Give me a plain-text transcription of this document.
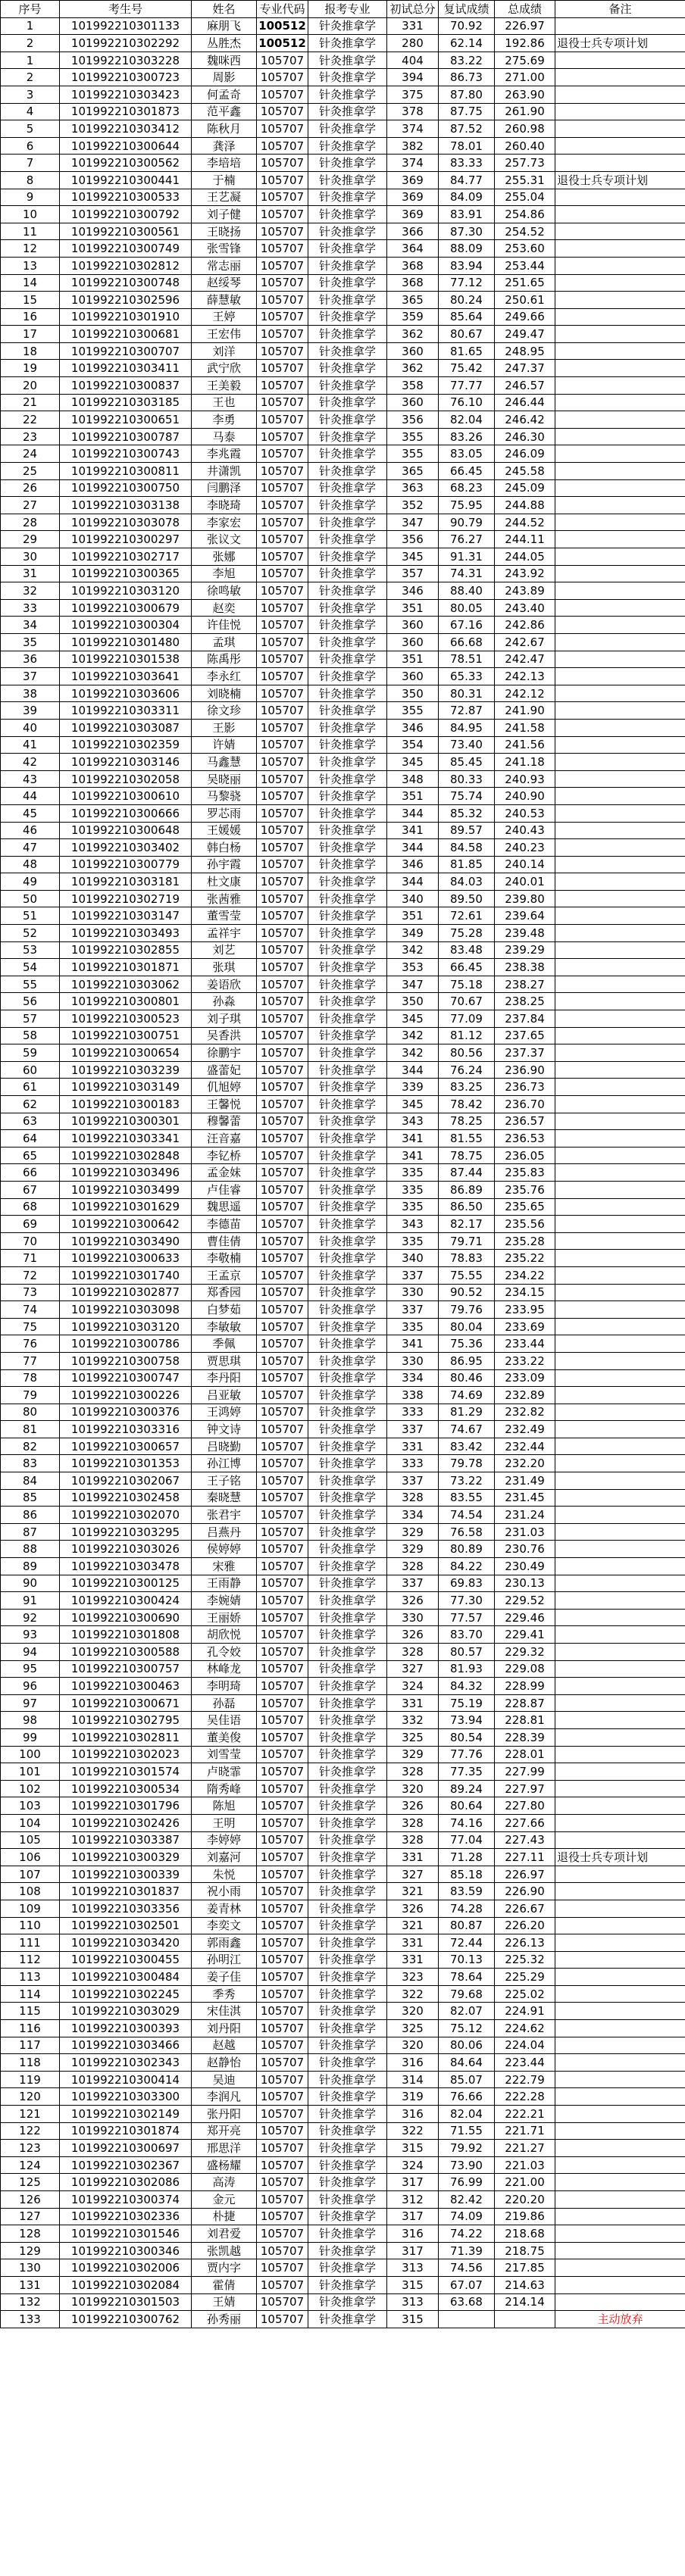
序号	考生号	姓名	专业代码	报考专业	初试总分	复试成绩	总成绩	备注
1	101992210301133	麻朋飞	100512	针灸推拿学	331	70.92	226.97	
2	101992210302292	丛胜杰	100512	针灸推拿学	280	62.14	192.86	退役士兵专项计划
1	101992210303228	魏咪西	105707	针灸推拿学	404	83.22	275.69	
2	101992210300723	周影	105707	针灸推拿学	394	86.73	271.00	
3	101992210303423	何孟奇	105707	针灸推拿学	375	87.80	263.90	
4	101992210301873	范平鑫	105707	针灸推拿学	378	87.75	261.90	
5	101992210303412	陈秋月	105707	针灸推拿学	374	87.52	260.98	
6	101992210300644	龚泽	105707	针灸推拿学	382	78.01	260.40	
7	101992210300562	李培培	105707	针灸推拿学	374	83.33	257.73	
8	101992210300441	于楠	105707	针灸推拿学	369	84.77	255.31	退役士兵专项计划
9	101992210300533	王艺凝	105707	针灸推拿学	369	84.09	255.04	
10	101992210300792	刘子健	105707	针灸推拿学	369	83.91	254.86	
11	101992210300561	王晓扬	105707	针灸推拿学	366	87.30	254.52	
12	101992210300749	张雪锋	105707	针灸推拿学	364	88.09	253.60	
13	101992210302812	常志丽	105707	针灸推拿学	368	83.94	253.44	
14	101992210300748	赵绥琴	105707	针灸推拿学	368	77.12	251.65	
15	101992210302596	薛慧敏	105707	针灸推拿学	365	80.24	250.61	
16	101992210301910	王婷	105707	针灸推拿学	359	85.64	249.66	
17	101992210300681	王宏伟	105707	针灸推拿学	362	80.67	249.47	
18	101992210300707	刘洋	105707	针灸推拿学	360	81.65	248.95	
19	101992210303411	武宁欣	105707	针灸推拿学	362	75.42	247.37	
20	101992210300837	王美毅	105707	针灸推拿学	358	77.77	246.57	
21	101992210303185	王也	105707	针灸推拿学	360	76.10	246.44	
22	101992210300651	李勇	105707	针灸推拿学	356	82.04	246.42	
23	101992210300787	马泰	105707	针灸推拿学	355	83.26	246.30	
24	101992210300743	李兆霞	105707	针灸推拿学	355	83.05	246.09	
25	101992210300811	井潇凯	105707	针灸推拿学	365	66.45	245.58	
26	101992210300750	闫鹏泽	105707	针灸推拿学	363	68.23	245.09	
27	101992210303138	李晓琦	105707	针灸推拿学	352	75.95	244.88	
28	101992210303078	李家宏	105707	针灸推拿学	347	90.79	244.52	
29	101992210300297	张议文	105707	针灸推拿学	356	76.27	244.11	
30	101992210302717	张娜	105707	针灸推拿学	345	91.31	244.05	
31	101992210300365	李旭	105707	针灸推拿学	357	74.31	243.92	
32	101992210303120	徐鸣敏	105707	针灸推拿学	346	88.40	243.89	
33	101992210300679	赵奕	105707	针灸推拿学	351	80.05	243.40	
34	101992210300304	许佳悦	105707	针灸推拿学	360	67.16	242.86	
35	101992210301480	孟琪	105707	针灸推拿学	360	66.68	242.67	
36	101992210301538	陈禹彤	105707	针灸推拿学	351	78.51	242.47	
37	101992210303641	李永红	105707	针灸推拿学	360	65.33	242.13	
38	101992210303606	刘晓楠	105707	针灸推拿学	350	80.31	242.12	
39	101992210303311	徐文珍	105707	针灸推拿学	355	72.87	241.90	
40	101992210303087	王影	105707	针灸推拿学	346	84.95	241.58	
41	101992210302359	许婧	105707	针灸推拿学	354	73.40	241.56	
42	101992210303146	马鑫慧	105707	针灸推拿学	345	85.45	241.18	
43	101992210302058	吴晓丽	105707	针灸推拿学	348	80.33	240.93	
44	101992210300610	马黎骁	105707	针灸推拿学	351	75.74	240.90	
45	101992210300666	罗芯雨	105707	针灸推拿学	344	85.32	240.53	
46	101992210300648	王媛媛	105707	针灸推拿学	341	89.57	240.43	
47	101992210303402	韩白杨	105707	针灸推拿学	344	84.58	240.23	
48	101992210300779	孙宇霞	105707	针灸推拿学	346	81.85	240.14	
49	101992210303181	杜文康	105707	针灸推拿学	344	84.03	240.01	
50	101992210302719	张茜雅	105707	针灸推拿学	340	89.50	239.80	
51	101992210303147	董雪莹	105707	针灸推拿学	351	72.61	239.64	
52	101992210303493	孟祥宇	105707	针灸推拿学	349	75.28	239.48	
53	101992210302855	刘艺	105707	针灸推拿学	342	83.48	239.29	
54	101992210301871	张琪	105707	针灸推拿学	353	66.45	238.38	
55	101992210303062	姜语欣	105707	针灸推拿学	347	75.18	238.27	
56	101992210300801	孙淼	105707	针灸推拿学	350	70.67	238.25	
57	101992210300523	刘子琪	105707	针灸推拿学	345	77.09	237.84	
58	101992210300751	吴香洪	105707	针灸推拿学	342	81.12	237.65	
59	101992210300654	徐鹏宇	105707	针灸推拿学	342	80.56	237.37	
60	101992210303239	盛蕾妃	105707	针灸推拿学	344	76.24	236.90	
61	101992210303149	仉旭婷	105707	针灸推拿学	339	83.25	236.73	
62	101992210300183	王馨悦	105707	针灸推拿学	345	78.42	236.70	
63	101992210300301	穆馨蕾	105707	针灸推拿学	343	78.25	236.57	
64	101992210303341	汪音嘉	105707	针灸推拿学	341	81.55	236.53	
65	101992210302848	李钇桥	105707	针灸推拿学	341	78.75	236.05	
66	101992210303496	孟金妹	105707	针灸推拿学	335	87.44	235.83	
67	101992210303499	卢佳睿	105707	针灸推拿学	335	86.89	235.76	
68	101992210301629	魏思遥	105707	针灸推拿学	335	86.50	235.65	
69	101992210300642	李德苗	105707	针灸推拿学	343	82.17	235.56	
70	101992210303490	曹佳倩	105707	针灸推拿学	335	79.71	235.28	
71	101992210300633	李敬楠	105707	针灸推拿学	340	78.83	235.22	
72	101992210301740	王孟京	105707	针灸推拿学	337	75.55	234.22	
73	101992210302877	郑香园	105707	针灸推拿学	330	90.52	234.15	
74	101992210303098	白梦茹	105707	针灸推拿学	337	79.76	233.95	
75	101992210303120	李敏敏	105707	针灸推拿学	335	80.04	233.69	
76	101992210300786	季佩	105707	针灸推拿学	341	75.36	233.44	
77	101992210300758	贾思琪	105707	针灸推拿学	330	86.95	233.22	
78	101992210300747	李丹阳	105707	针灸推拿学	334	80.46	233.09	
79	101992210300226	吕亚敏	105707	针灸推拿学	338	74.69	232.89	
80	101992210300376	王鸿婷	105707	针灸推拿学	333	81.29	232.82	
81	101992210303316	钟文诗	105707	针灸推拿学	337	74.67	232.49	
82	101992210300657	吕晓勤	105707	针灸推拿学	331	83.42	232.44	
83	101992210301353	孙江博	105707	针灸推拿学	333	79.78	232.20	
84	101992210302067	王子铭	105707	针灸推拿学	337	73.22	231.49	
85	101992210302458	秦晓慧	105707	针灸推拿学	328	83.55	231.45	
86	101992210302070	张君宇	105707	针灸推拿学	334	74.54	231.24	
87	101992210303295	吕燕丹	105707	针灸推拿学	329	76.58	231.03	
88	101992210303026	侯婷婷	105707	针灸推拿学	329	80.89	230.76	
89	101992210303478	宋雅	105707	针灸推拿学	328	84.22	230.49	
90	101992210300125	王雨静	105707	针灸推拿学	337	69.83	230.13	
91	101992210300424	李婉婧	105707	针灸推拿学	326	77.30	229.52	
92	101992210300690	王丽娇	105707	针灸推拿学	330	77.57	229.46	
93	101992210301808	胡欣悦	105707	针灸推拿学	326	83.70	229.41	
94	101992210300588	孔令姣	105707	针灸推拿学	328	80.57	229.32	
95	101992210300757	林峰龙	105707	针灸推拿学	327	81.93	229.08	
96	101992210300463	李明琦	105707	针灸推拿学	324	84.32	228.99	
97	101992210300671	孙磊	105707	针灸推拿学	331	75.19	228.87	
98	101992210302795	吴佳语	105707	针灸推拿学	332	73.94	228.81	
99	101992210302811	董美俊	105707	针灸推拿学	325	80.54	228.39	
100	101992210302023	刘雪莹	105707	针灸推拿学	329	77.76	228.01	
101	101992210301574	卢晓霏	105707	针灸推拿学	328	77.35	227.99	
102	101992210300534	隋秀峰	105707	针灸推拿学	320	89.24	227.97	
103	101992210301796	陈旭	105707	针灸推拿学	326	80.64	227.80	
104	101992210302426	王明	105707	针灸推拿学	328	74.16	227.66	
105	101992210303387	李婷婷	105707	针灸推拿学	328	77.04	227.43	
106	101992210300329	刘嘉河	105707	针灸推拿学	331	71.28	227.11	退役士兵专项计划
107	101992210300339	朱悦	105707	针灸推拿学	327	85.18	226.97	
108	101992210301837	祝小雨	105707	针灸推拿学	321	83.59	226.90	
109	101992210303356	姜青林	105707	针灸推拿学	326	74.28	226.67	
110	101992210302501	李奕文	105707	针灸推拿学	321	80.87	226.20	
111	101992210303420	郭雨鑫	105707	针灸推拿学	331	72.44	226.13	
112	101992210300455	孙明江	105707	针灸推拿学	331	70.13	225.32	
113	101992210300484	姜子佳	105707	针灸推拿学	323	78.64	225.29	
114	101992210302245	季秀	105707	针灸推拿学	322	79.68	225.02	
115	101992210303029	宋佳淇	105707	针灸推拿学	320	82.07	224.91	
116	101992210300393	刘丹阳	105707	针灸推拿学	325	75.12	224.62	
117	101992210303466	赵越	105707	针灸推拿学	320	80.06	224.04	
118	101992210302343	赵静怡	105707	针灸推拿学	316	84.64	223.44	
119	101992210300414	吴迪	105707	针灸推拿学	314	85.07	222.79	
120	101992210303300	李润凡	105707	针灸推拿学	319	76.66	222.28	
121	101992210302149	张丹阳	105707	针灸推拿学	316	82.04	222.21	
122	101992210301874	郑开亮	105707	针灸推拿学	322	71.55	221.71	
123	101992210300697	邢思洋	105707	针灸推拿学	315	79.92	221.27	
124	101992210302367	盛杨耀	105707	针灸推拿学	324	73.90	221.03	
125	101992210302086	高涛	105707	针灸推拿学	317	76.99	221.00	
126	101992210300374	金元	105707	针灸推拿学	312	82.42	220.20	
127	101992210302336	朴捷	105707	针灸推拿学	317	74.09	219.86	
128	101992210301546	刘君爱	105707	针灸推拿学	316	74.22	218.68	
129	101992210300346	张凯越	105707	针灸推拿学	317	71.39	218.75	
130	101992210302006	贾内字	105707	针灸推拿学	313	74.56	217.85	
131	101992210302084	霍倩	105707	针灸推拿学	315	67.07	214.63	
132	101992210301503	王婧	105707	针灸推拿学	313	63.68	214.14	
133	101992210300762	孙秀丽	105707	针灸推拿学	315			主动放弃
